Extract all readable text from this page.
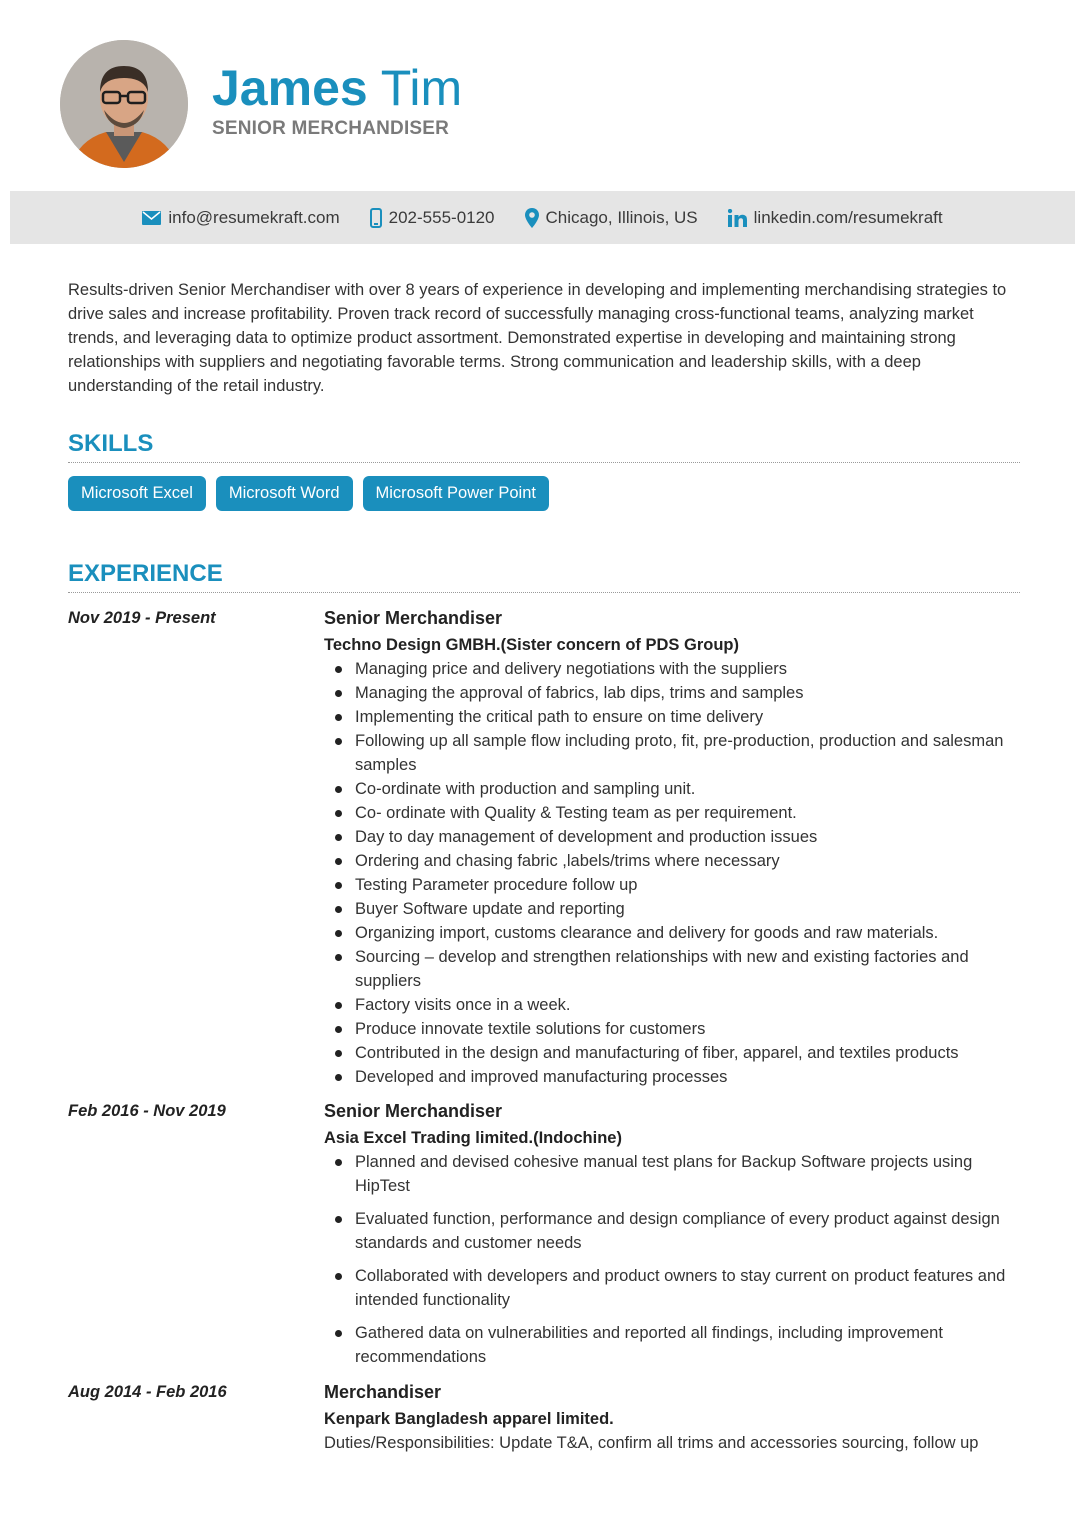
James Tim

SENIOR MERCHANDISER

info@resumekraft.com	202-555-0120	Chicago, Illinois, US	linkedin.com/resumekraft

Results-driven Senior Merchandiser with over 8 years of experience in developing and implementing merchandising strategies to drive sales and increase profitability. Proven track record of successfully managing cross-functional teams, analyzing market trends, and leveraging data to optimize product assortment. Demonstrated expertise in developing and maintaining strong relationships with suppliers and negotiating favorable terms. Strong communication and leadership skills, with a deep understanding of the retail industry.

SKILLS
Microsoft Excel	Microsoft Word	Microsoft Power Point
EXPERIENCE
Nov 2019 - Present	Senior Merchandiser
Techno Design GMBH.(Sister concern of PDS Group)
Managing price and delivery negotiations with the suppliers
Managing the approval of fabrics, lab dips, trims and samples
Implementing the critical path to ensure on time delivery
Following up all sample flow including proto, fit, pre-production, production and salesman samples
Co-ordinate with production and sampling unit.
Co- ordinate with Quality & Testing team as per requirement.
Day to day management of development and production issues
Ordering and chasing fabric ,labels/trims where necessary
Testing Parameter procedure follow up
Buyer Software update and reporting
Organizing import, customs clearance and delivery for goods and raw materials.
Sourcing – develop and strengthen relationships with new and existing factories and suppliers
Factory visits once in a week.
Produce innovate textile solutions for customers
Contributed in the design and manufacturing of fiber, apparel, and textiles products
Developed and improved manufacturing processes
Feb 2016 - Nov 2019	Senior Merchandiser
Asia Excel Trading limited.(Indochine)
Planned and devised cohesive manual test plans for Backup Software projects using HipTest
Evaluated function, performance and design compliance of every product against design standards and customer needs
Collaborated with developers and product owners to stay current on product features and intended functionality
Gathered data on vulnerabilities and reported all findings, including improvement recommendations
Aug 2014 - Feb 2016	Merchandiser
Kenpark Bangladesh apparel limited.

Duties/Responsibilities: Update T&A, confirm all trims and accessories sourcing, follow up
